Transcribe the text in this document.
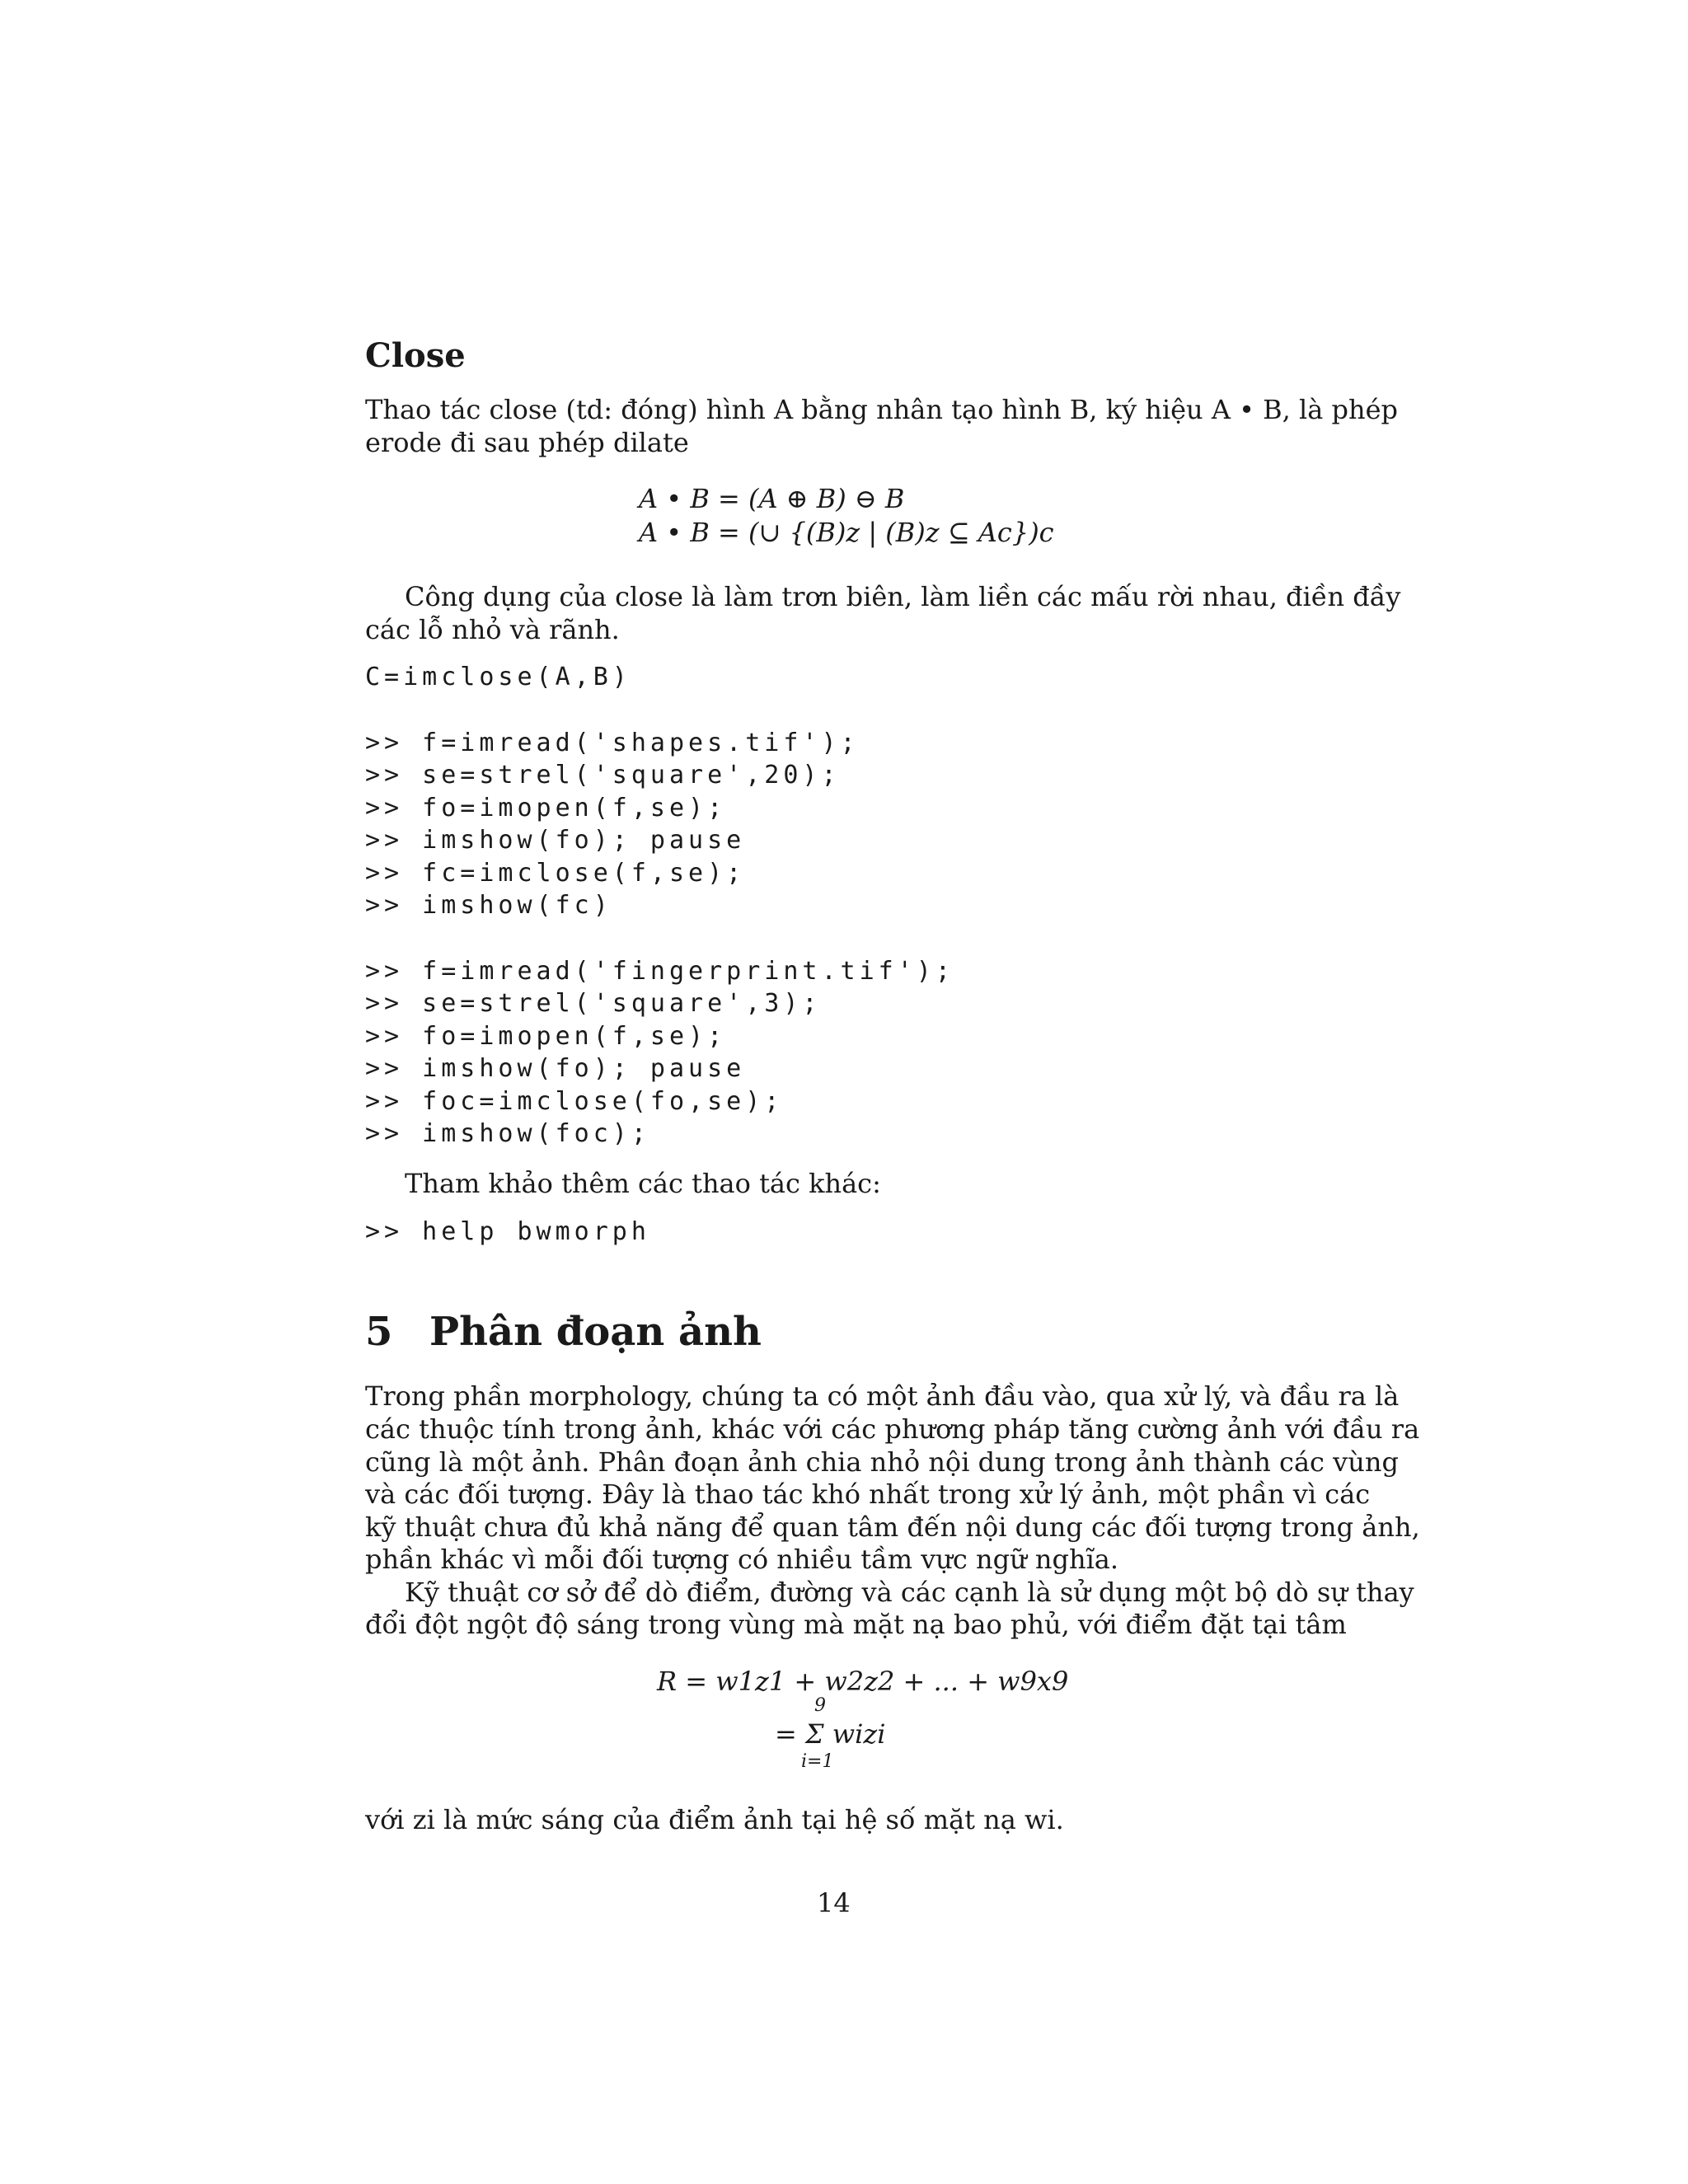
Close
Thao tác close (td: đóng) hình A bằng nhân tạo hình B, ký hiệu A • B, là phép
erode đi sau phép dilate
A • B = (A ⊕ B) ⊖ B
A • B = (∪ {(B)z | (B)z ⊆ Ac})c
Công dụng của close là làm trơn biên, làm liền các mấu rời nhau, điền đầy
các lỗ nhỏ và rãnh.
C=imclose(A,B)
>> f=imread('shapes.tif');
>> se=strel('square',20);
>> fo=imopen(f,se);
>> imshow(fo); pause
>> fc=imclose(f,se);
>> imshow(fc)
>> f=imread('fingerprint.tif');
>> se=strel('square',3);
>> fo=imopen(f,se);
>> imshow(fo); pause
>> foc=imclose(fo,se);
>> imshow(foc);
Tham khảo thêm các thao tác khác:
>> help bwmorph
5 Phân đoạn ảnh
Trong phần morphology, chúng ta có một ảnh đầu vào, qua xử lý, và đầu ra là
các thuộc tính trong ảnh, khác với các phương pháp tăng cường ảnh với đầu ra
cũng là một ảnh. Phân đoạn ảnh chia nhỏ nội dung trong ảnh thành các vùng
và các đối tượng. Đây là thao tác khó nhất trong xử lý ảnh, một phần vì các
kỹ thuật chưa đủ khả năng để quan tâm đến nội dung các đối tượng trong ảnh,
phần khác vì mỗi đối tượng có nhiều tầm vực ngữ nghĩa.
Kỹ thuật cơ sở để dò điểm, đường và các cạnh là sử dụng một bộ dò sự thay
đổi đột ngột độ sáng trong vùng mà mặt nạ bao phủ, với điểm đặt tại tâm
R = w1z1 + w2z2 + ... + w9x9
9
= Σ wizi
i=1
với zi là mức sáng của điểm ảnh tại hệ số mặt nạ wi.
14
